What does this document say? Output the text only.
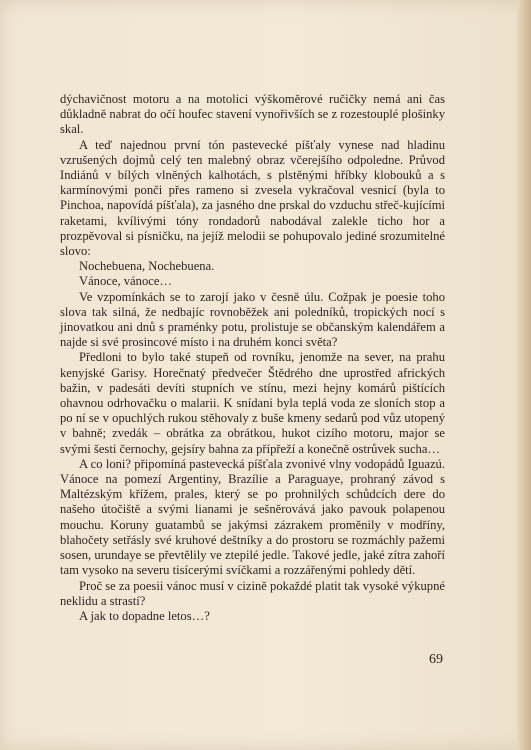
dýchavičnost motoru a na motolici výškoměrové ručičky nemá ani čas důkladně nabrat do očí houfec stavení vynořivších se z rozestouplé plošinky skal.

A teď najednou první tón pastevecké píšťaly vynese nad hladinu vzrušených dojmů celý ten malebný obraz včerejšího odpoledne. Průvod Indiánů v bílých vlněných kalhotách, s plstěnými hříbky klobouků a s karmínovými ponči přes rameno si zvesela vykračoval vesnicí (byla to Pinchoa, napovídá píšťala), za jasného dne prskal do vzduchu střeč-kujícími raketami, kvílivými tóny rondadorů nabodával zalekle ticho hor a prozpěvoval si písničku, na jejíž melodii se pohupovalo jediné srozumitelné slovo:

Nochebuena, Nochebuena.

Vánoce, vánoce…

Ve vzpomínkách se to zarojí jako v česně úlu. Cožpak je poesie toho slova tak silná, že nedbajíc rovnoběžek ani poledníků, tropických nocí s jinovatkou ani dnů s praménky potu, prolistuje se občanským kalendářem a najde si své prosincové místo i na druhém konci světa?

Předloni to bylo také stupeň od rovníku, jenomže na sever, na prahu kenyjské Garisy. Horečnatý předvečer Štědrého dne uprostřed afrických bažin, v padesáti devíti stupních ve stínu, mezi hejny komárů pištících ohavnou odrhovačku o malarii. K snídani byla teplá voda ze sloních stop a po ní se v opuchlých rukou stěhovaly z buše kmeny sedarů pod vůz utopený v bahně; zvedák – obrátka za obrátkou, hukot cizího motoru, major se svými šesti černochy, gejsíry bahna za přípřeží a konečně ostrůvek sucha…

A co loni? připomíná pastevecká píšťala zvonivé vlny vodopádů Iguazú. Vánoce na pomezí Argentiny, Brazílie a Paraguaye, prohraný závod s Maltézským křížem, prales, který se po prohnilých schůdcích dere do našeho útočiště a svými lianami je sešněrovává jako pavouk polapenou mouchu. Koruny guatambů se jakýmsi zázrakem proměnily v modříny, blahočety setřásly své kruhové deštníky a do prostoru se rozmáchly pažemi sosen, urundaye se převtělily ve ztepilé jedle. Takové jedle, jaké zítra zahoří tam vysoko na severu tisícerými svíčkami a rozzářenými pohledy dětí.

Proč se za poesii vánoc musí v cizině pokaždé platit tak vysoké výkupné neklidu a strastí?

A jak to dopadne letos…?

69
